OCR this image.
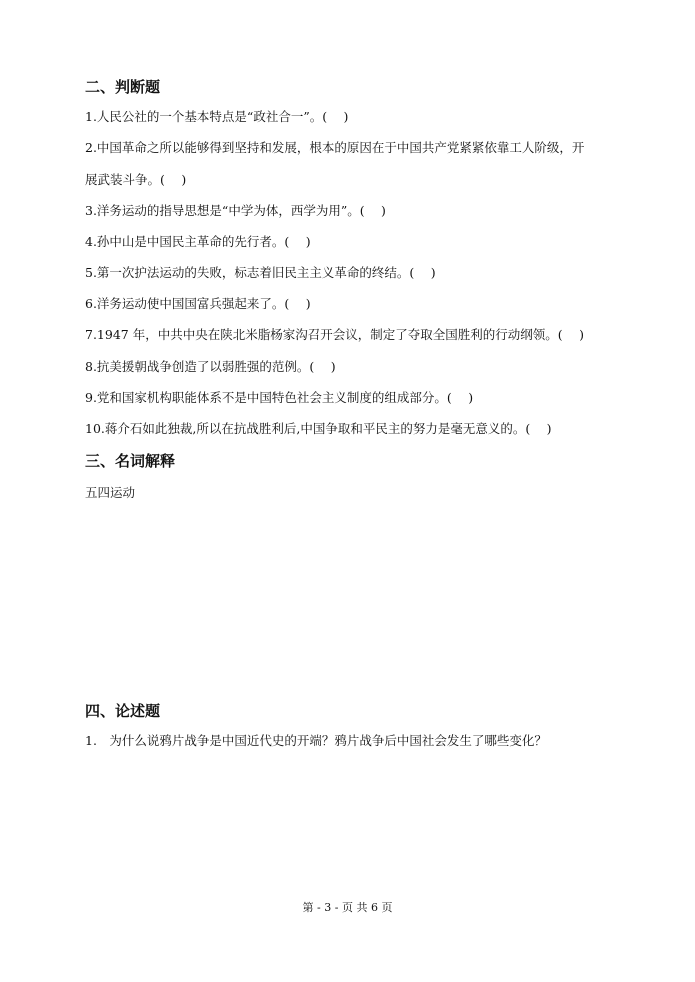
二、判断题
1.人民公社的一个基本特点是“政社合一”。(　 )
2.中国革命之所以能够得到坚持和发展，根本的原因在于中国共产党紧紧依靠工人阶级，开
展武装斗争。(　 )
3.洋务运动的指导思想是“中学为体，西学为用”。(　 )
4.孙中山是中国民主革命的先行者。(　 )
5.第一次护法运动的失败，标志着旧民主主义革命的终结。(　 )
6.洋务运动使中国国富兵强起来了。(　 )
7.1947 年，中共中央在陕北米脂杨家沟召开会议，制定了夺取全国胜利的行动纲领。(　 )
8.抗美援朝战争创造了以弱胜强的范例。(　 )
9.党和国家机构职能体系不是中国特色社会主义制度的组成部分。(　 )
10.蒋介石如此独裁,所以在抗战胜利后,中国争取和平民主的努力是毫无意义的。(　 )
三、名词解释
五四运动
四、论述题
1.　为什么说鸦片战争是中国近代史的开端？鸦片战争后中国社会发生了哪些变化？
第 - 3 - 页 共 6 页
